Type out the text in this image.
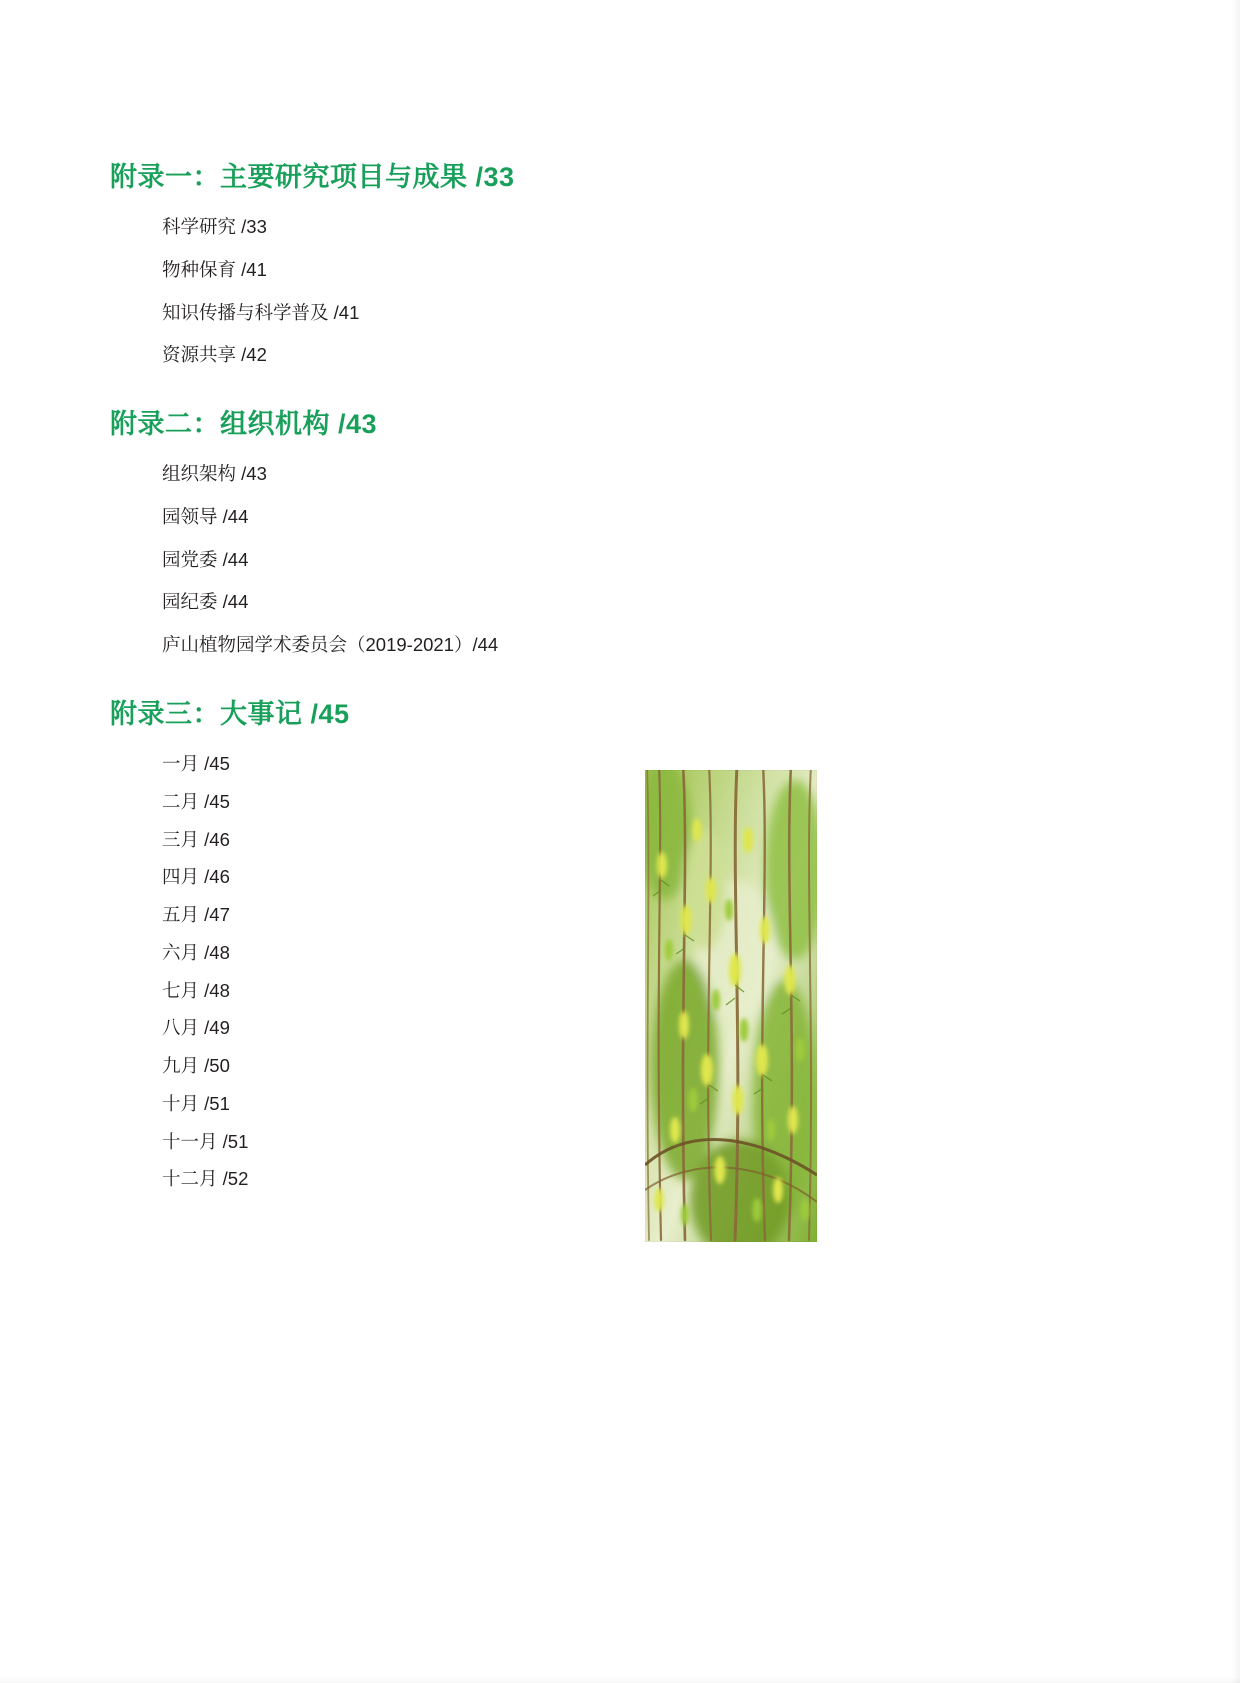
附录一：主要研究项目与成果 /33
科学研究 /33
物种保育 /41
知识传播与科学普及 /41
资源共享 /42
附录二：组织机构 /43
组织架构 /43
园领导 /44
园党委 /44
园纪委 /44
庐山植物园学术委员会（2019-2021）/44
附录三：大事记 /45
一月 /45
二月 /45
三月 /46
四月 /46
五月 /47
六月 /48
七月 /48
八月 /49
九月 /50
十月 /51
十一月 /51
十二月 /52
